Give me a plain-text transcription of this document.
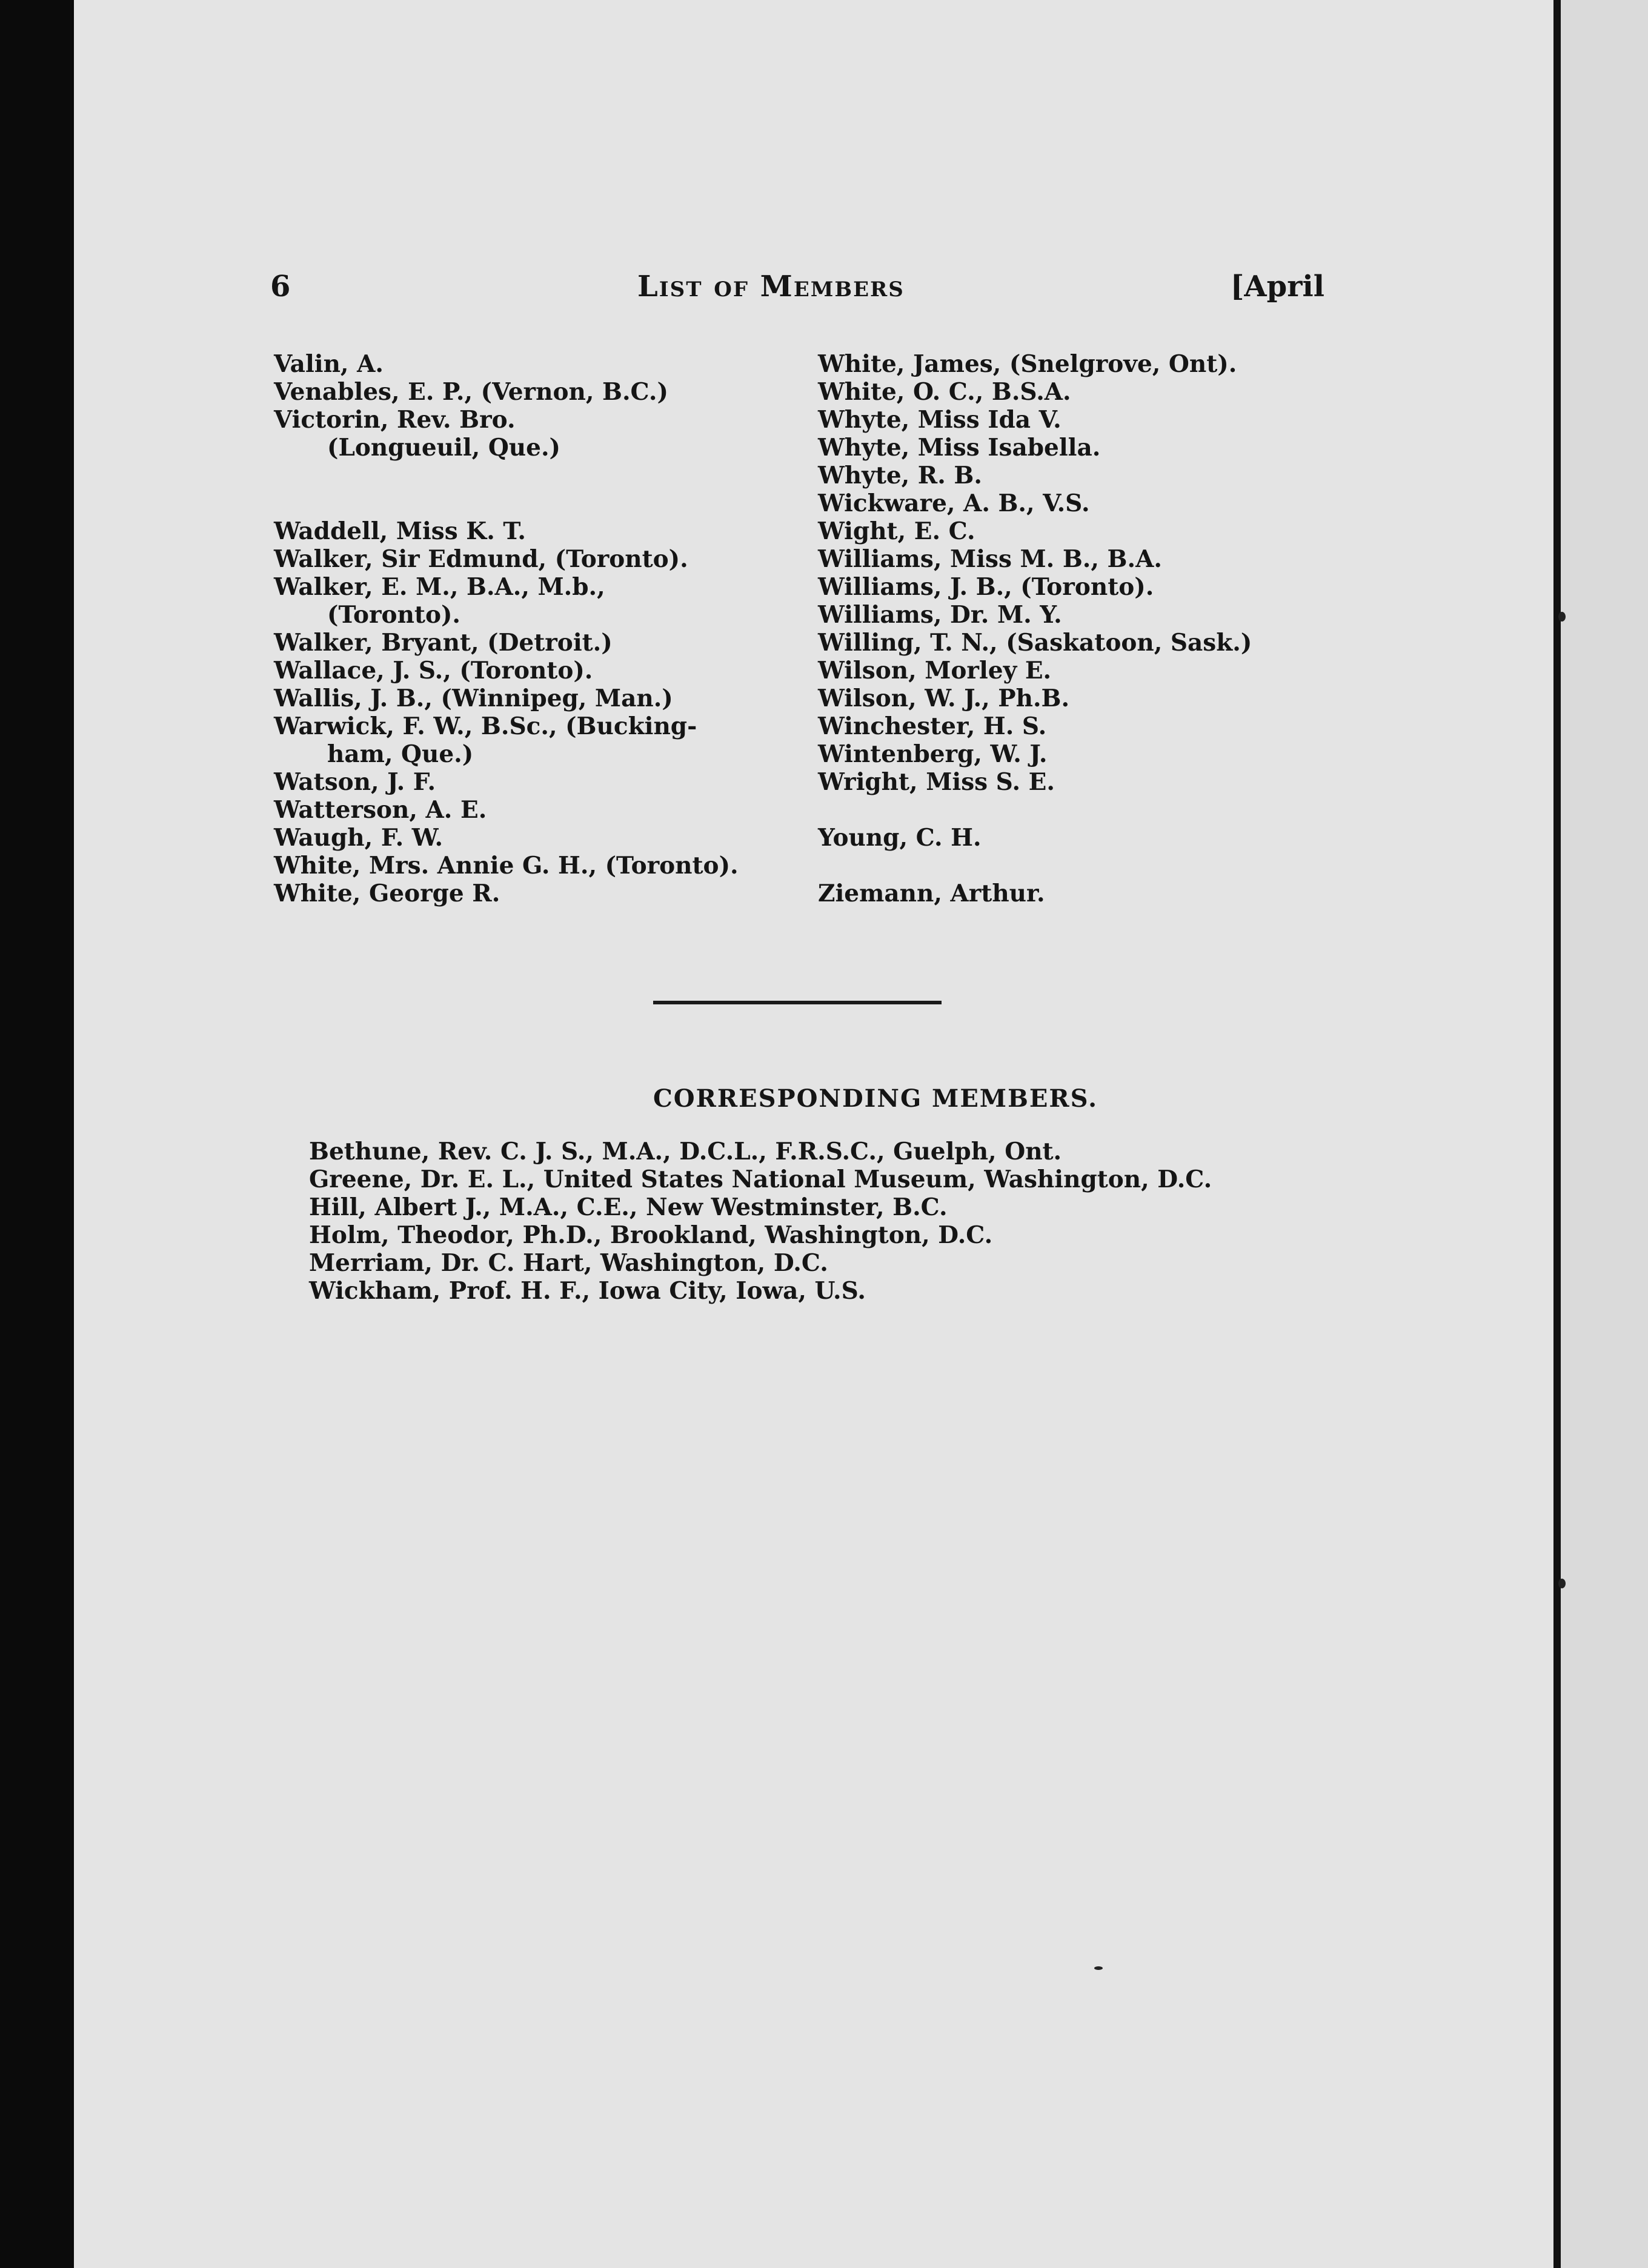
6	List of Members	[April
Valin, A.
Venables, E. P., (Vernon, B.C.)
Victorin, Rev. Bro.
(Longueuil, Que.)
Waddell, Miss K. T.
Walker, Sir Edmund, (Toronto).
Walker, E. M., B.A., M.b.,
(Toronto).
Walker, Bryant, (Detroit.)
Wallace, J. S., (Toronto).
Wallis, J. B., (Winnipeg, Man.)
Warwick, F. W., B.Sc., (Bucking-
ham, Que.)
Watson, J. F.
Watterson, A. E.
Waugh, F. W.
White, Mrs. Annie G. H., (Toronto).
White, George R.
White, James, (Snelgrove, Ont).
White, O. C., B.S.A.
Whyte, Miss Ida V.
Whyte, Miss Isabella.
Whyte, R. B.
Wickware, A. B., V.S.
Wight, E. C.
Williams, Miss M. B., B.A.
Williams, J. B., (Toronto).
Williams, Dr. M. Y.
Willing, T. N., (Saskatoon, Sask.)
Wilson, Morley E.
Wilson, W. J., Ph.B.
Winchester, H. S.
Wintenberg, W. J.
Wright, Miss S. E.
Young, C. H.
Ziemann, Arthur.
CORRESPONDING MEMBERS.
Bethune, Rev. C. J. S., M.A., D.C.L., F.R.S.C., Guelph, Ont.
Greene, Dr. E. L., United States National Museum, Washington, D.C.
Hill, Albert J., M.A., C.E., New Westminster, B.C.
Holm, Theodor, Ph.D., Brookland, Washington, D.C.
Merriam, Dr. C. Hart, Washington, D.C.
Wickham, Prof. H. F., Iowa City, Iowa, U.S.
